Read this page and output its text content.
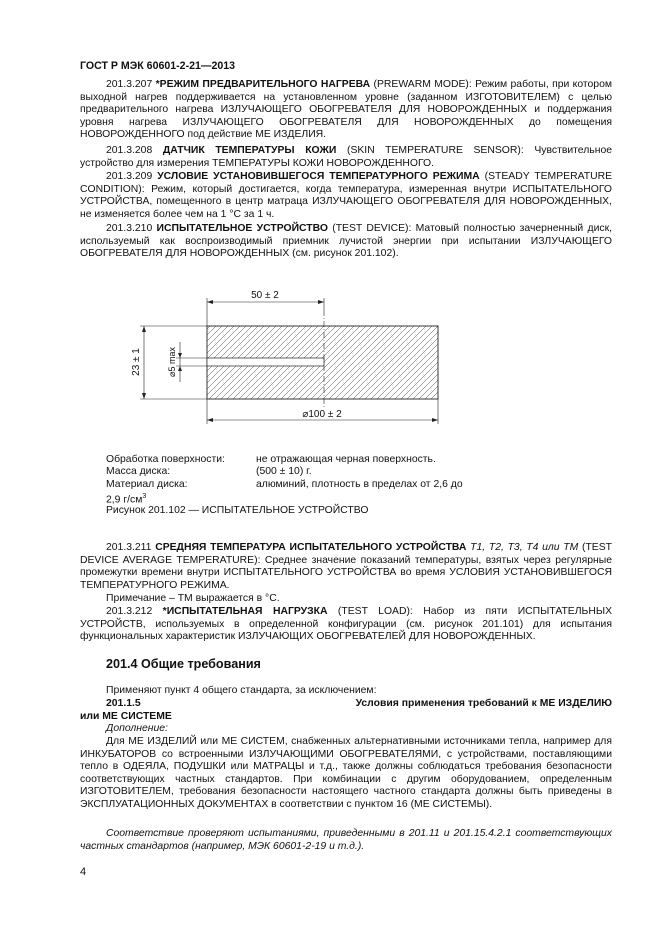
ГОСТ Р МЭК 60601-2-21—2013
201.3.207 *РЕЖИМ ПРЕДВАРИТЕЛЬНОГО НАГРЕВА (PREWARM MODE): Режим работы, при котором выходной нагрев поддерживается на установленном уровне (заданном ИЗГОТОВИТЕЛЕМ) с целью предварительного нагрева ИЗЛУЧАЮЩЕГО ОБОГРЕВАТЕЛЯ ДЛЯ НОВОРОЖДЕННЫХ и поддержания уровня нагрева ИЗЛУЧАЮЩЕГО ОБОГРЕВАТЕЛЯ ДЛЯ НОВОРОЖДЕННЫХ до помещения НОВОРОЖДЕННОГО под действие МЕ ИЗДЕЛИЯ.
201.3.208 ДАТЧИК ТЕМПЕРАТУРЫ КОЖИ (SKIN TEMPERATURE SENSOR): Чувствительное устройство для измерения ТЕМПЕРАТУРЫ КОЖИ НОВОРОЖДЕННОГО.
201.3.209 УСЛОВИЕ УСТАНОВИВШЕГОСЯ ТЕМПЕРАТУРНОГО РЕЖИМА (STEADY TEMPERATURE CONDITION): Режим, который достигается, когда температура, измеренная внутри ИСПЫТАТЕЛЬНОГО УСТРОЙСТВА, помещенного в центр матраца ИЗЛУЧАЮЩЕГО ОБОГРЕВАТЕЛЯ ДЛЯ НОВОРОЖДЕННЫХ, не изменяется более чем на 1 °С за 1 ч.
201.3.210 ИСПЫТАТЕЛЬНОЕ УСТРОЙСТВО (TEST DEVICE): Матовый полностью зачерненный диск, используемый как воспроизводимый приемник лучистой энергии при испытании ИЗЛУЧАЮЩЕГО ОБОГРЕВАТЕЛЯ ДЛЯ НОВОРОЖДЕННЫХ (см. рисунок 201.102).
50 ± 2
23 ± 1	⌀5 max
⌀100 ± 2
Обработка поверхности:	не отражающая черная поверхность.
Масса диска:	(500 ± 10) г.
Материал диска:	алюминий, плотность в пределах от 2,6 до
2,9 $г/см^3$
Рисунок 201.102 — ИСПЫТАТЕЛЬНОЕ УСТРОЙСТВО
201.3.211 СРЕДНЯЯ ТЕМПЕРАТУРА ИСПЫТАТЕЛЬНОГО УСТРОЙСТВА T1, T2, T3, T4 или TM (TEST DEVICE AVERAGE TEMPERATURE): Среднее значение показаний температуры, взятых через регулярные промежутки времени внутри ИСПЫТАТЕЛЬНОГО УСТРОЙСТВА во время УСЛОВИЯ УСТАНОВИВШЕГОСЯ ТЕМПЕРАТУРНОГО РЕЖИМА.
Примечание – TM выражается в °С.
201.3.212 *ИСПЫТАТЕЛЬНАЯ НАГРУЗКА (TEST LOAD): Набор из пяти ИСПЫТАТЕЛЬНЫХ УСТРОЙСТВ, используемых в определенной конфигурации (см. рисунок 201.101) для испытания функциональных характеристик ИЗЛУЧАЮЩИХ ОБОГРЕВАТЕЛЕЙ ДЛЯ НОВОРОЖДЕННЫХ.
201.4 Общие требования
Применяют пункт 4 общего стандарта, за исключением:
201.1.5	Условия применения требований к МЕ ИЗДЕЛИЮ
или МЕ СИСТЕМЕ
Дополнение:
Для МЕ ИЗДЕЛИЙ или МЕ СИСТЕМ, снабженных альтернативными источниками тепла, например для ИНКУБАТОРОВ со встроенными ИЗЛУЧАЮЩИМИ ОБОГРЕВАТЕЛЯМИ, с устройствами, поставляющими тепло в ОДЕЯЛА, ПОДУШКИ или МАТРАЦЫ и т.д., также должны соблюдаться требования безопасности соответствующих частных стандартов. При комбинации с другим оборудованием, определенным ИЗГОТОВИТЕЛЕМ, требования безопасности настоящего частного стандарта должны быть приведены в ЭКСПЛУАТАЦИОННЫХ ДОКУМЕНТАХ в соответствии с пунктом 16 (МЕ СИСТЕМЫ).
Соответствие проверяют испытаниями, приведенными в 201.11 и 201.15.4.2.1 соответствующих частных стандартов (например, МЭК 60601-2-19 и т.д.).
4
